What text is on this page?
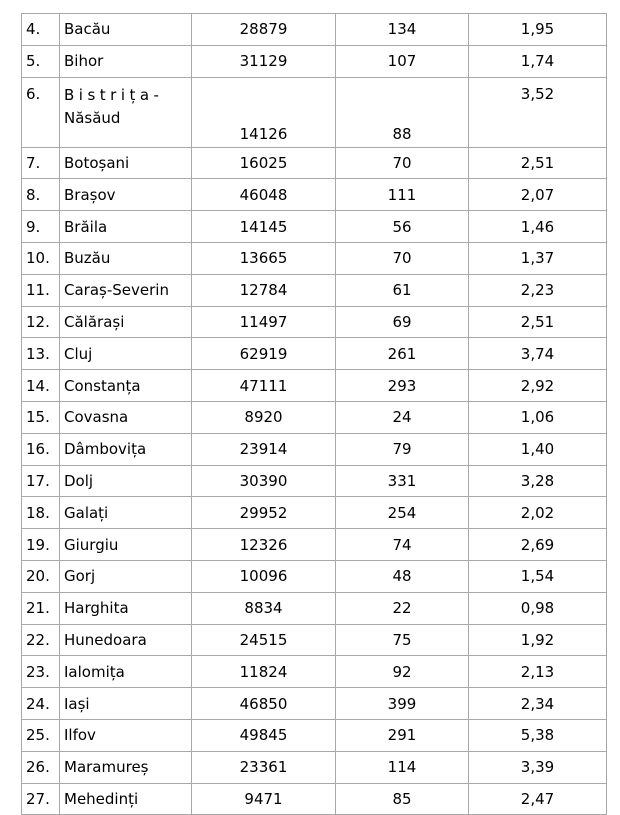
4.	Bacău	28879	134	1,95
5.	Bihor	31129	107	1,74
6.	Bistrița-
Năsăud	14126	88	3,52
7.	Botoșani	16025	70	2,51
8.	Brașov	46048	111	2,07
9.	Brăila	14145	56	1,46
10.	Buzău	13665	70	1,37
11.	Caraș-Severin	12784	61	2,23
12.	Călărași	11497	69	2,51
13.	Cluj	62919	261	3,74
14.	Constanța	47111	293	2,92
15.	Covasna	8920	24	1,06
16.	Dâmbovița	23914	79	1,40
17.	Dolj	30390	331	3,28
18.	Galați	29952	254	2,02
19.	Giurgiu	12326	74	2,69
20.	Gorj	10096	48	1,54
21.	Harghita	8834	22	0,98
22.	Hunedoara	24515	75	1,92
23.	Ialomița	11824	92	2,13
24.	Iași	46850	399	2,34
25.	Ilfov	49845	291	5,38
26.	Maramureș	23361	114	3,39
27.	Mehedinți	9471	85	2,47
